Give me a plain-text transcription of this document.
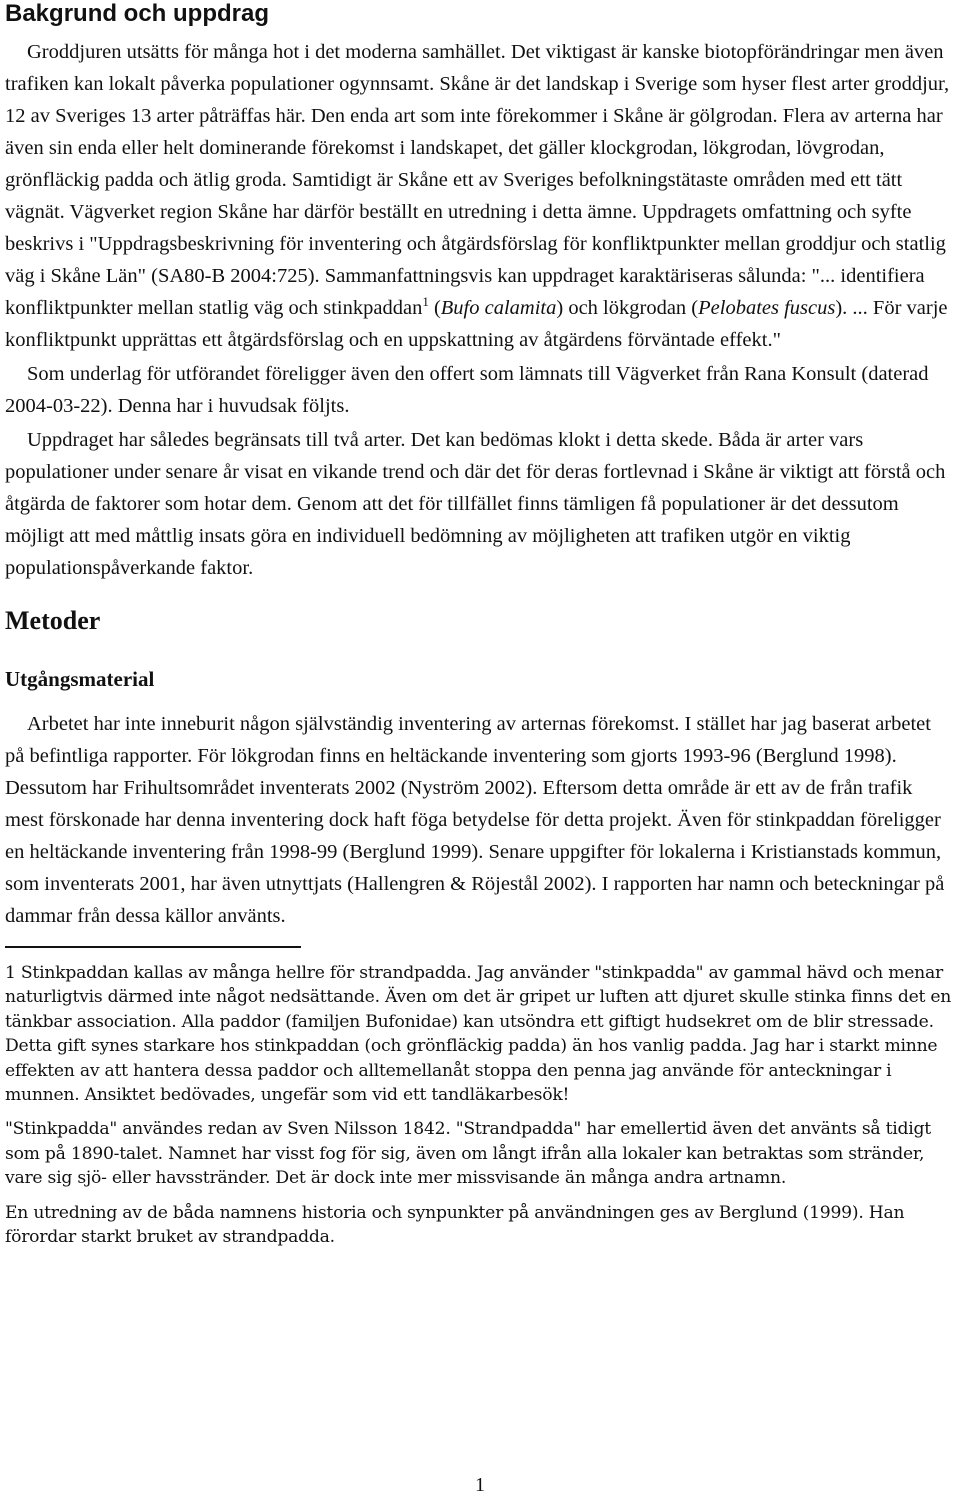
Bakgrund och uppdrag

Groddjuren utsätts för många hot i det moderna samhället. Det viktigast är kanske biotopförändringar men även trafiken kan lokalt påverka populationer ogynnsamt. Skåne är det landskap i Sverige som hyser flest arter groddjur, 12 av Sveriges 13 arter påträffas här. Den enda art som inte förekommer i Skåne är gölgrodan. Flera av arterna har även sin enda eller helt dominerande förekomst i landskapet, det gäller klockgrodan, lökgrodan, lövgrodan, grönfläckig padda och ätlig groda. Samtidigt är Skåne ett av Sveriges befolkningstätaste områden med ett tätt vägnät. Vägverket region Skåne har därför beställt en utredning i detta ämne. Uppdragets omfattning och syfte beskrivs i "Uppdragsbeskrivning för inventering och åtgärdsförslag för konfliktpunkter mellan groddjur och statlig väg i Skåne Län" (SA80-B 2004:725). Sammanfattningsvis kan uppdraget karaktäriseras sålunda: "... identifiera konfliktpunkter mellan statlig väg och stinkpaddan$^1$ (Bufo calamita) och lökgrodan (Pelobates fuscus). ... För varje konfliktpunkt upprättas ett åtgärdsförslag och en uppskattning av åtgärdens förväntade effekt."

Som underlag för utförandet föreligger även den offert som lämnats till Vägverket från Rana Konsult (daterad 2004-03-22). Denna har i huvudsak följts.

Uppdraget har således begränsats till två arter. Det kan bedömas klokt i detta skede. Båda är arter vars populationer under senare år visat en vikande trend och där det för deras fortlevnad i Skåne är viktigt att förstå och åtgärda de faktorer som hotar dem. Genom att det för tillfället finns tämligen få populationer är det dessutom möjligt att med måttlig insats göra en individuell bedömning av möjligheten att trafiken utgör en viktig populationspåverkande faktor.

Metoder
Utgångsmaterial

Arbetet har inte inneburit någon självständig inventering av arternas förekomst. I stället har jag baserat arbetet på befintliga rapporter. För lökgrodan finns en heltäckande inventering som gjorts 1993-96 (Berglund 1998). Dessutom har Frihultsområdet inventerats 2002 (Nyström 2002). Eftersom detta område är ett av de från trafik mest förskonade har denna inventering dock haft föga betydelse för detta projekt. Även för stinkpaddan föreligger en heltäckande inventering från 1998-99 (Berglund 1999). Senare uppgifter för lokalerna i Kristianstads kommun, som inventerats 2001, har även utnyttjats (Hallengren & Röjestål 2002). I rapporten har namn och beteckningar på dammar från dessa källor använts.

1 Stinkpaddan kallas av många hellre för strandpadda. Jag använder "stinkpadda" av gammal hävd och menar naturligtvis därmed inte något nedsättande. Även om det är gripet ur luften att djuret skulle stinka finns det en tänkbar association. Alla paddor (familjen Bufonidae) kan utsöndra ett giftigt hudsekret om de blir stressade. Detta gift synes starkare hos stinkpaddan (och grönfläckig padda) än hos vanlig padda. Jag har i starkt minne effekten av att hantera dessa paddor och alltemellanåt stoppa den penna jag använde för anteckningar i munnen. Ansiktet bedövades, ungefär som vid ett tandläkarbesök!

"Stinkpadda" användes redan av Sven Nilsson 1842. "Strandpadda" har emellertid även det använts så tidigt som på 1890-talet. Namnet har visst fog för sig, även om långt ifrån alla lokaler kan betraktas som stränder, vare sig sjö- eller havsstränder. Det är dock inte mer missvisande än många andra artnamn.

En utredning av de båda namnens historia och synpunkter på användningen ges av Berglund (1999). Han förordar starkt bruket av strandpadda.

1
